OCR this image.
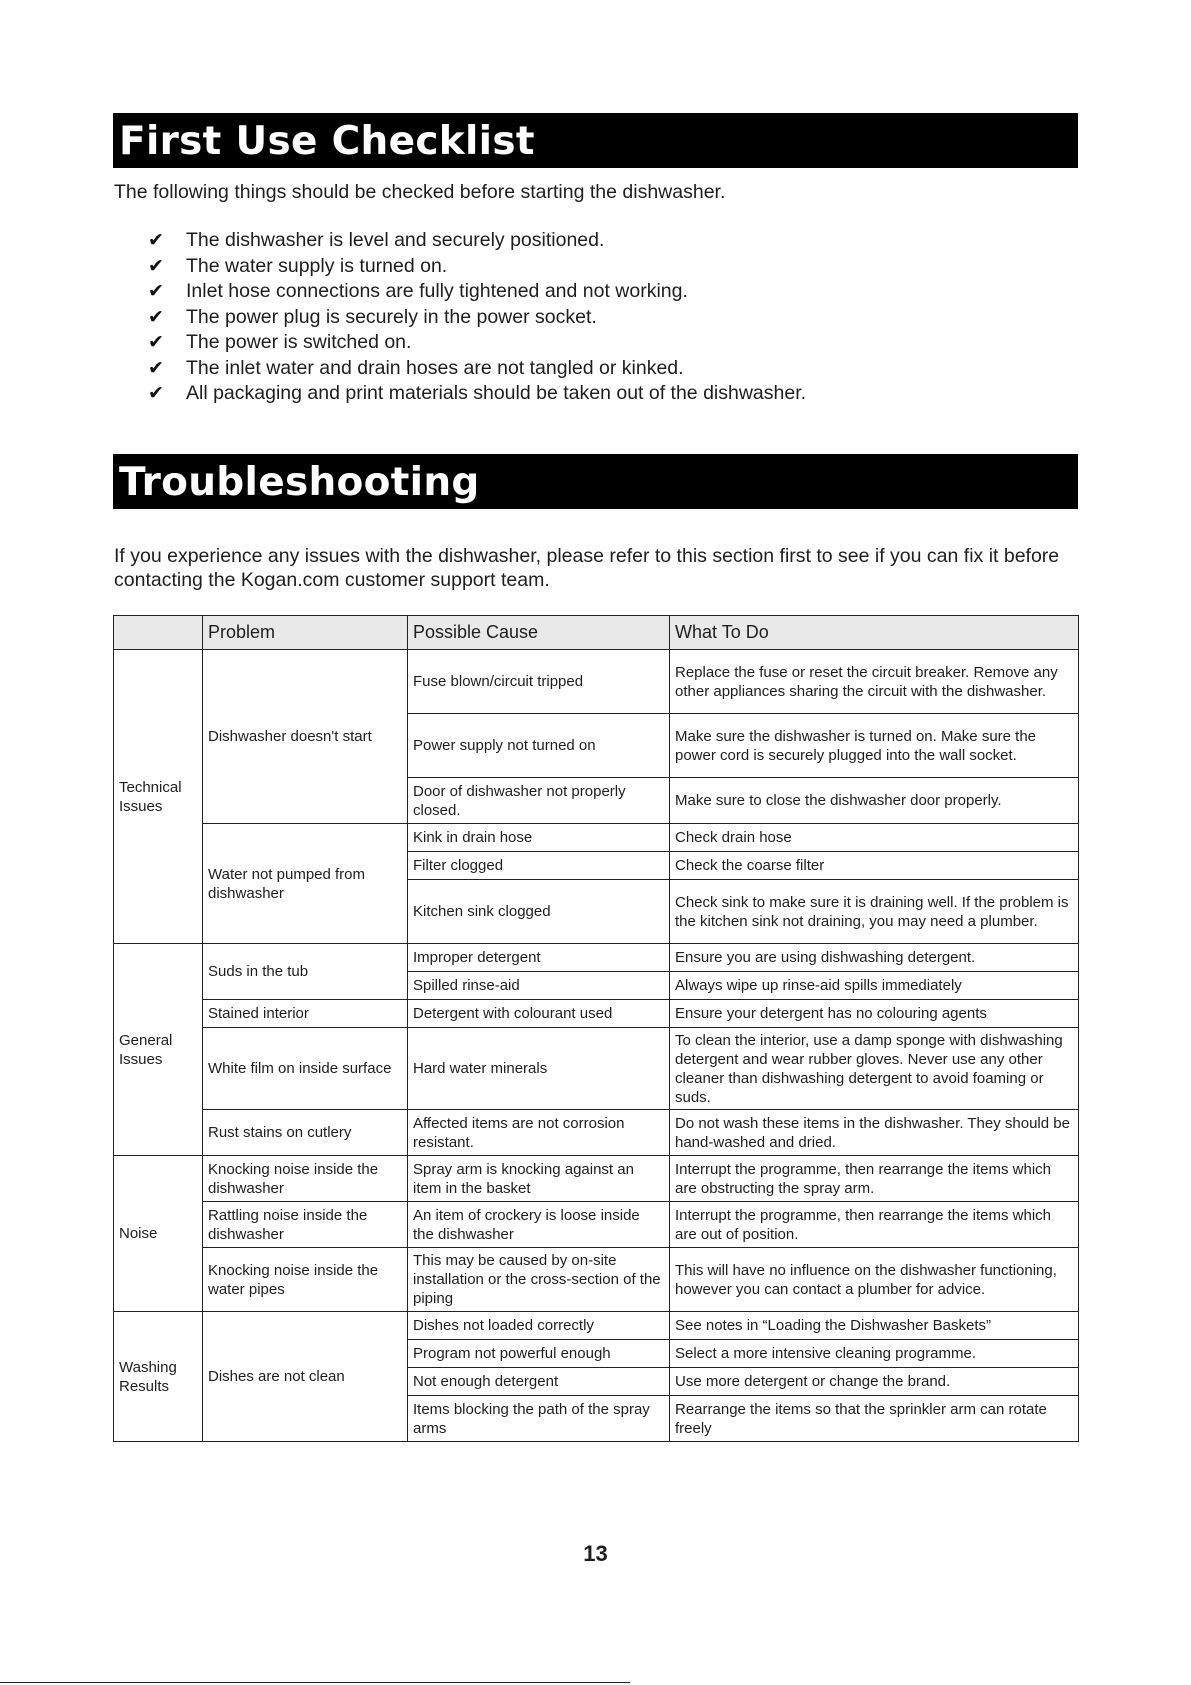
First Use Checklist

The following things should be checked before starting the dishwasher.

✔ The dishwasher is level and securely positioned.
✔ The water supply is turned on.
✔ Inlet hose connections are fully tightened and not working.
✔ The power plug is securely in the power socket.
✔ The power is switched on.
✔ The inlet water and drain hoses are not tangled or kinked.
✔ All packaging and print materials should be taken out of the dishwasher.
Troubleshooting

If you experience any issues with the dishwasher, please refer to this section first to see if you can fix it before contacting the Kogan.com customer support team.

	Problem	Possible Cause	What To Do
Technical Issues	Dishwasher doesn't start	Fuse blown/circuit tripped	Replace the fuse or reset the circuit breaker. Remove any other appliances sharing the circuit with the dishwasher.
		Power supply not turned on	Make sure the dishwasher is turned on. Make sure the power cord is securely plugged into the wall socket.
		Door of dishwasher not properly closed.	Make sure to close the dishwasher door properly.
	Water not pumped from dishwasher	Kink in drain hose	Check drain hose
		Filter clogged	Check the coarse filter
		Kitchen sink clogged	Check sink to make sure it is draining well. If the problem is the kitchen sink not draining, you may need a plumber.
General Issues	Suds in the tub	Improper detergent	Ensure you are using dishwashing detergent.
		Spilled rinse-aid	Always wipe up rinse-aid spills immediately
	Stained interior	Detergent with colourant used	Ensure your detergent has no colouring agents
	White film on inside surface	Hard water minerals	To clean the interior, use a damp sponge with dishwashing detergent and wear rubber gloves. Never use any other cleaner than dishwashing detergent to avoid foaming or suds.
	Rust stains on cutlery	Affected items are not corrosion resistant.	Do not wash these items in the dishwasher. They should be hand-washed and dried.
Noise	Knocking noise inside the dishwasher	Spray arm is knocking against an item in the basket	Interrupt the programme, then rearrange the items which are obstructing the spray arm.
	Rattling noise inside the dishwasher	An item of crockery is loose inside the dishwasher	Interrupt the programme, then rearrange the items which are out of position.
	Knocking noise inside the water pipes	This may be caused by on-site installation or the cross-section of the piping	This will have no influence on the dishwasher functioning, however you can contact a plumber for advice.
Washing Results	Dishes are not clean	Dishes not loaded correctly	See notes in “Loading the Dishwasher Baskets”
		Program not powerful enough	Select a more intensive cleaning programme.
		Not enough detergent	Use more detergent or change the brand.
		Items blocking the path of the spray arms	Rearrange the items so that the sprinkler arm can rotate freely
13
